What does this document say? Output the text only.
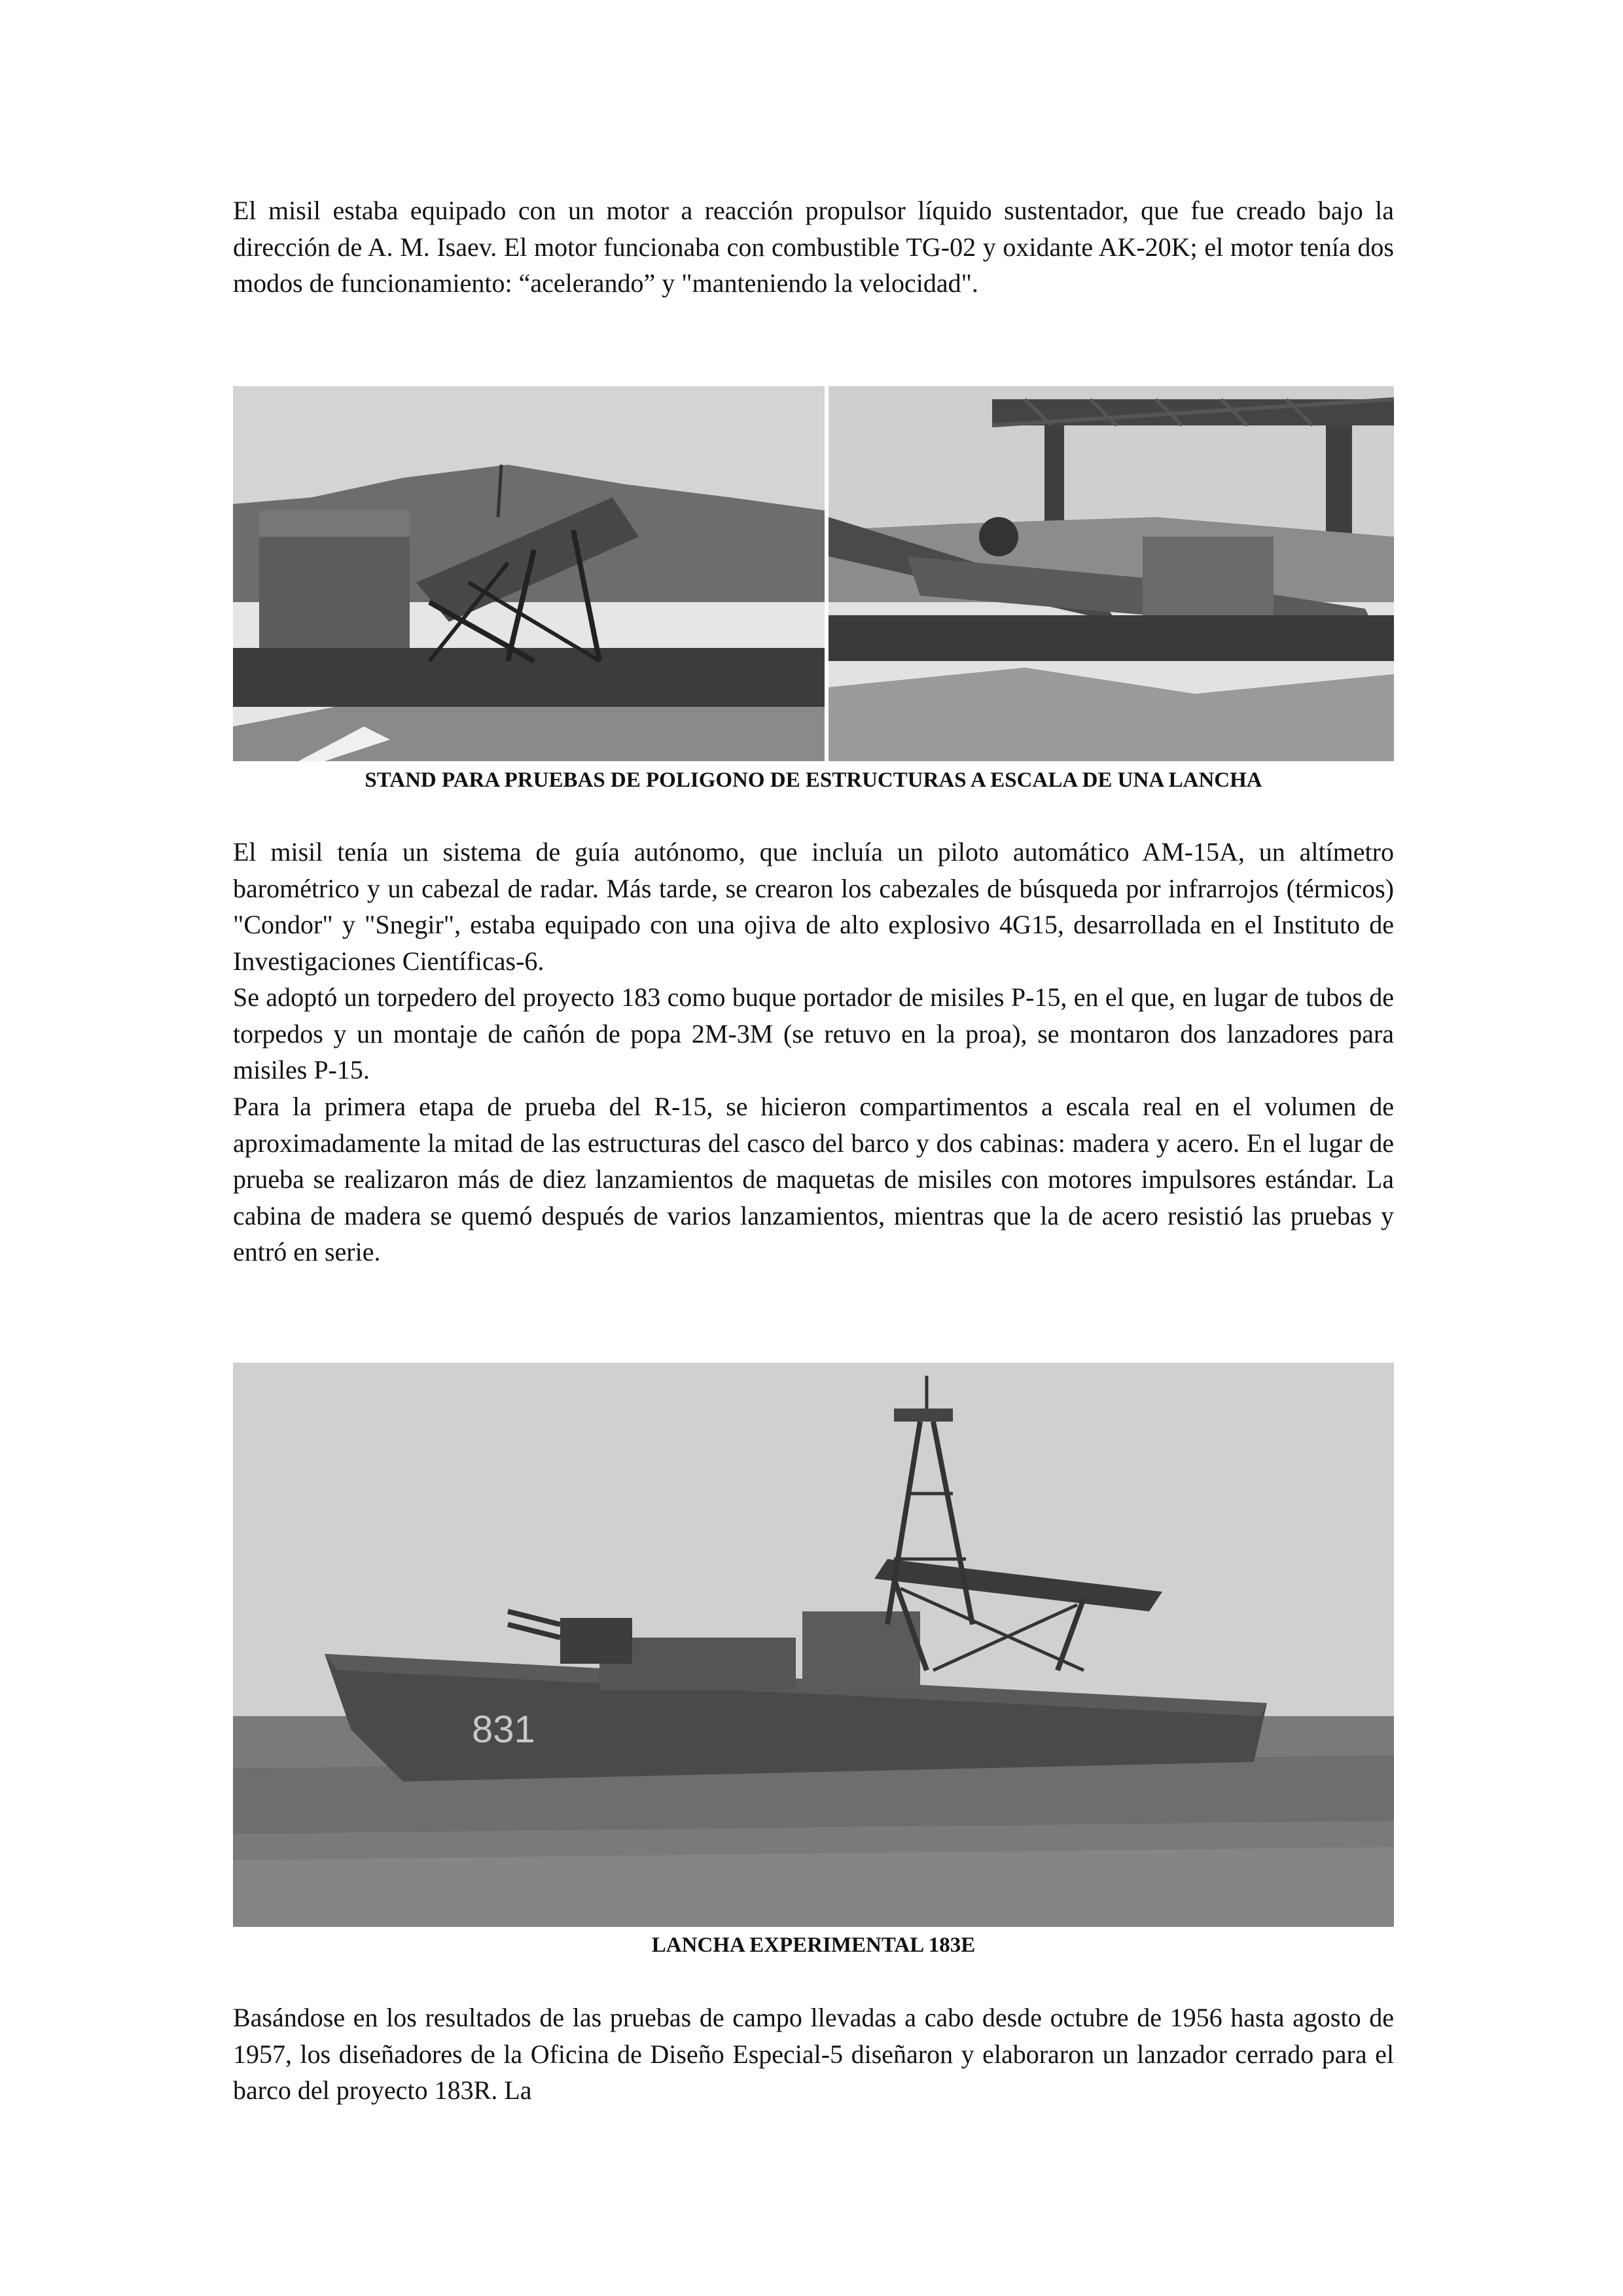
El misil estaba equipado con un motor a reacción propulsor líquido sustentador, que fue creado bajo la dirección de A. M. Isaev. El motor funcionaba con combustible TG-02 y oxidante AK-20K; el motor tenía dos modos de funcionamiento: “acelerando” y "manteniendo la velocidad".

STAND PARA PRUEBAS DE POLIGONO DE ESTRUCTURAS A ESCALA DE UNA LANCHA

El misil tenía un sistema de guía autónomo, que incluía un piloto automático AM-15A, un altímetro barométrico y un cabezal de radar. Más tarde, se crearon los cabezales de búsqueda por infrarrojos (térmicos) "Condor" y "Snegir", estaba equipado con una ojiva de alto explosivo 4G15, desarrollada en el Instituto de Investigaciones Científicas-6.

Se adoptó un torpedero del proyecto 183 como buque portador de misiles P-15, en el que, en lugar de tubos de torpedos y un montaje de cañón de popa 2M-3M (se retuvo en la proa), se montaron dos lanzadores para misiles P-15.

Para la primera etapa de prueba del R-15, se hicieron compartimentos a escala real en el volumen de aproximadamente la mitad de las estructuras del casco del barco y dos cabinas: madera y acero. En el lugar de prueba se realizaron más de diez lanzamientos de maquetas de misiles con motores impulsores estándar. La cabina de madera se quemó después de varios lanzamientos, mientras que la de acero resistió las pruebas y entró en serie.

831

LANCHA EXPERIMENTAL 183E

Basándose en los resultados de las pruebas de campo llevadas a cabo desde octubre de 1956 hasta agosto de 1957, los diseñadores de la Oficina de Diseño Especial-5 diseñaron y elaboraron un lanzador cerrado para el barco del proyecto 183R. La
